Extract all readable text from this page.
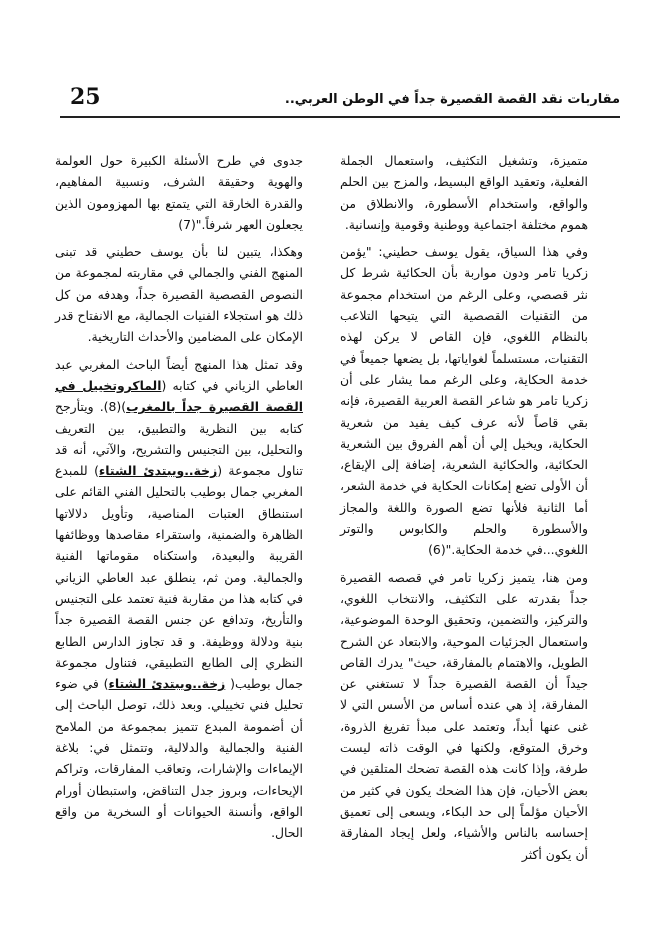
25	مقاربات نقد القصة القصيرة جداً في الوطن العربي..

متميزة، وتشغيل التكثيف، واستعمال الجملة الفعلية، وتعقيد الواقع البسيط، والمزج بين الحلم والواقع، واستخدام الأسطورة، والانطلاق من هموم مختلفة اجتماعية ووطنية وقومية وإنسانية.

وفي هذا السياق، يقول يوسف حطيني: "يؤمن زكريا تامر ودون مواربة بأن الحكائية شرط كل نثر قصصي، وعلى الرغم من استخدام مجموعة من التقنيات القصصية التي يتيحها التلاعب بالنظام اللغوي، فإن القاص لا يركن لهذه التقنيات، مستسلماً لغواياتها، بل يضعها جميعاً في خدمة الحكاية، وعلى الرغم مما يشار على أن زكريا تامر هو شاعر القصة العربية القصيرة، فإنه بقي قاصاً لأنه عرف كيف يفيد من شعرية الحكاية، ويخيل إلي أن أهم الفروق بين الشعرية الحكائية، والحكائية الشعرية، إضافة إلى الإيقاع، أن الأولى تضع إمكانات الحكاية في خدمة الشعر، أما الثانية فلأنها تضع الصورة واللغة والمجاز والأسطورة والحلم والكابوس والتوتر اللغوي...في خدمة الحكاية."(6)

ومن هنا، يتميز زكريا تامر في قصصه القصيرة جداً بقدرته على التكثيف، والانتخاب اللغوي، والتركيز، والتضمين، وتحقيق الوحدة الموضوعية، واستعمال الجزئيات الموحية، والابتعاد عن الشرح الطويل، والاهتمام بالمفارقة، حيث" يدرك القاص جيداً أن القصة القصيرة جداً لا تستغني عن المفارقة، إذ هي عنده أساس من الأسس التي لا غنى عنها أبداً، وتعتمد على مبدأ تفريغ الذروة، وخرق المتوقع، ولكنها في الوقت ذاته ليست طرفة، وإذا كانت هذه القصة تضحك المتلقين في بعض الأحيان، فإن هذا الضحك يكون في كثير من الأحيان مؤلماً إلى حد البكاء، ويسعى إلى تعميق إحساسه بالناس والأشياء، ولعل إيجاد المفارقة أن يكون أكثر

جدوى في طرح الأسئلة الكبيرة حول العولمة والهوية وحقيقة الشرف، ونسبية المفاهيم، والقدرة الخارقة التي يتمتع بها المهزومون الذين يجعلون العهر شرفاً."(7)

وهكذا، يتبين لنا بأن يوسف حطيني قد تبنى المنهج الفني والجمالي في مقاربته لمجموعة من النصوص القصصية القصيرة جداً، وهدفه من كل ذلك هو استجلاء الفنيات الجمالية، مع الانفتاح قدر الإمكان على المضامين والأحداث التاريخية.

وقد تمثل هذا المنهج أيضاً الباحث المغربي عبد العاطي الزياني في كتابه (الماكروتخييل في القصة القصيرة جداً بالمغرب)(8). ويتأرجح كتابه بين النظرية والتطبيق، بين التعريف والتحليل، بين التجنيس والتشريح، والآتي، أنه قد تناول مجموعة (زخة..ويبتدئ الشتاء) للمبدع المغربي جمال بوطيب بالتحليل الفني القائم على استنطاق العتبات المناصية، وتأويل دلالاتها الظاهرة والضمنية، واستقراء مقاصدها ووظائفها القريبة والبعيدة، واستكناه مقوماتها الفنية والجمالية. ومن ثم، ينطلق عبد العاطي الزياني في كتابه هذا من مقاربة فنية تعتمد على التجنيس والتأريخ، وتدافع عن جنس القصة القصيرة جداً بنية ودلالة ووظيفة. و قد تجاوز الدارس الطابع النظري إلى الطابع التطبيقي، فتناول مجموعة جمال بوطيب( زخة..ويبتدئ الشتاء) في ضوء تحليل فني تخييلي. وبعد ذلك، توصل الباحث إلى أن أضمومة المبدع تتميز بمجموعة من الملامح الفنية والجمالية والدلالية، وتتمثل في: بلاغة الإيماءات والإشارات، وتعاقب المفارقات، وتراكم الإيحاءات، وبروز جدل التناقض، واستبطان أورام الواقع، وأنسنة الحيوانات أو السخرية من واقع الحال.
